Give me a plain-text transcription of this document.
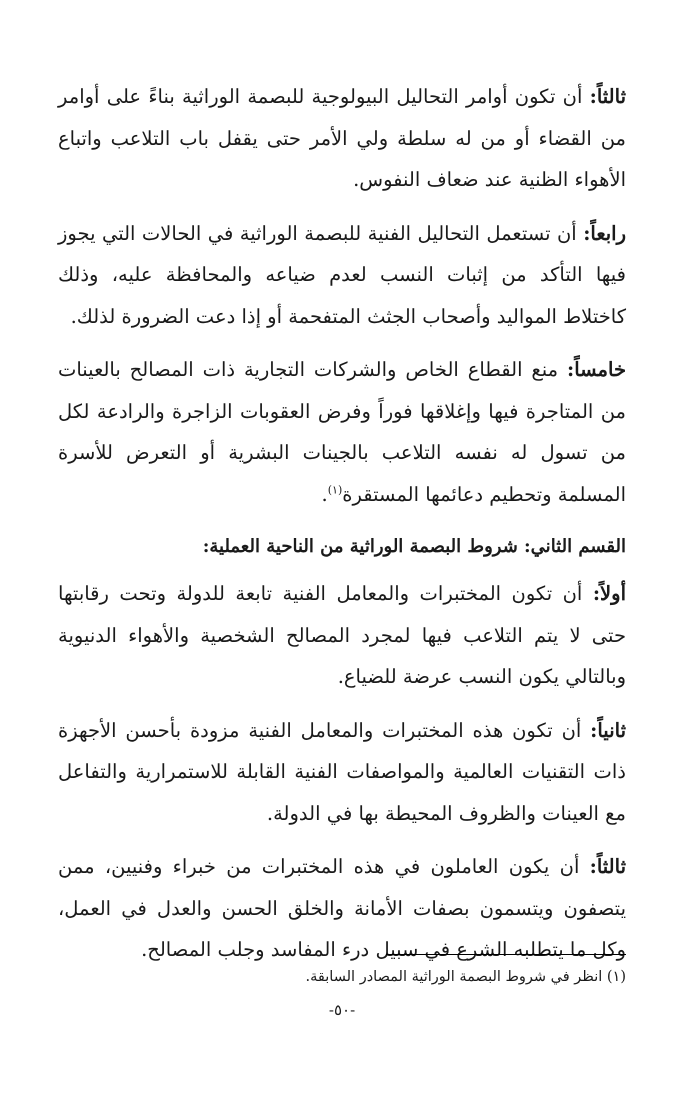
ثالثاً: أن تكون أوامر التحاليل البيولوجية للبصمة الوراثية بناءً على أوامر من القضاء أو من له سلطة ولي الأمر حتى يقفل باب التلاعب واتباع الأهواء الظنية عند ضعاف النفوس.

رابعاً: أن تستعمل التحاليل الفنية للبصمة الوراثية في الحالات التي يجوز فيها التأكد من إثبات النسب لعدم ضياعه والمحافظة عليه، وذلك كاختلاط المواليد وأصحاب الجثث المتفحمة أو إذا دعت الضرورة لذلك.

خامساً: منع القطاع الخاص والشركات التجارية ذات المصالح بالعينات من المتاجرة فيها وإغلاقها فوراً وفرض العقوبات الزاجرة والرادعة لكل من تسول له نفسه التلاعب بالجينات البشرية أو التعرض للأسرة المسلمة وتحطيم دعائمها المستقرة$^{(١)}$.

القسم الثاني: شروط البصمة الوراثية من الناحية العملية:

أولاً: أن تكون المختبرات والمعامل الفنية تابعة للدولة وتحت رقابتها حتى لا يتم التلاعب فيها لمجرد المصالح الشخصية والأهواء الدنيوية وبالتالي يكون النسب عرضة للضياع.

ثانياً: أن تكون هذه المختبرات والمعامل الفنية مزودة بأحسن الأجهزة ذات التقنيات العالمية والمواصفات الفنية القابلة للاستمرارية والتفاعل مع العينات والظروف المحيطة بها في الدولة.

ثالثاً: أن يكون العاملون في هذه المختبرات من خبراء وفنيين، ممن يتصفون ويتسمون بصفات الأمانة والخلق الحسن والعدل في العمل، وكل ما يتطلبه الشرع في سبيل درء المفاسد وجلب المصالح.

(١) انظر في شروط البصمة الوراثية المصادر السابقة.
-٥٠-
